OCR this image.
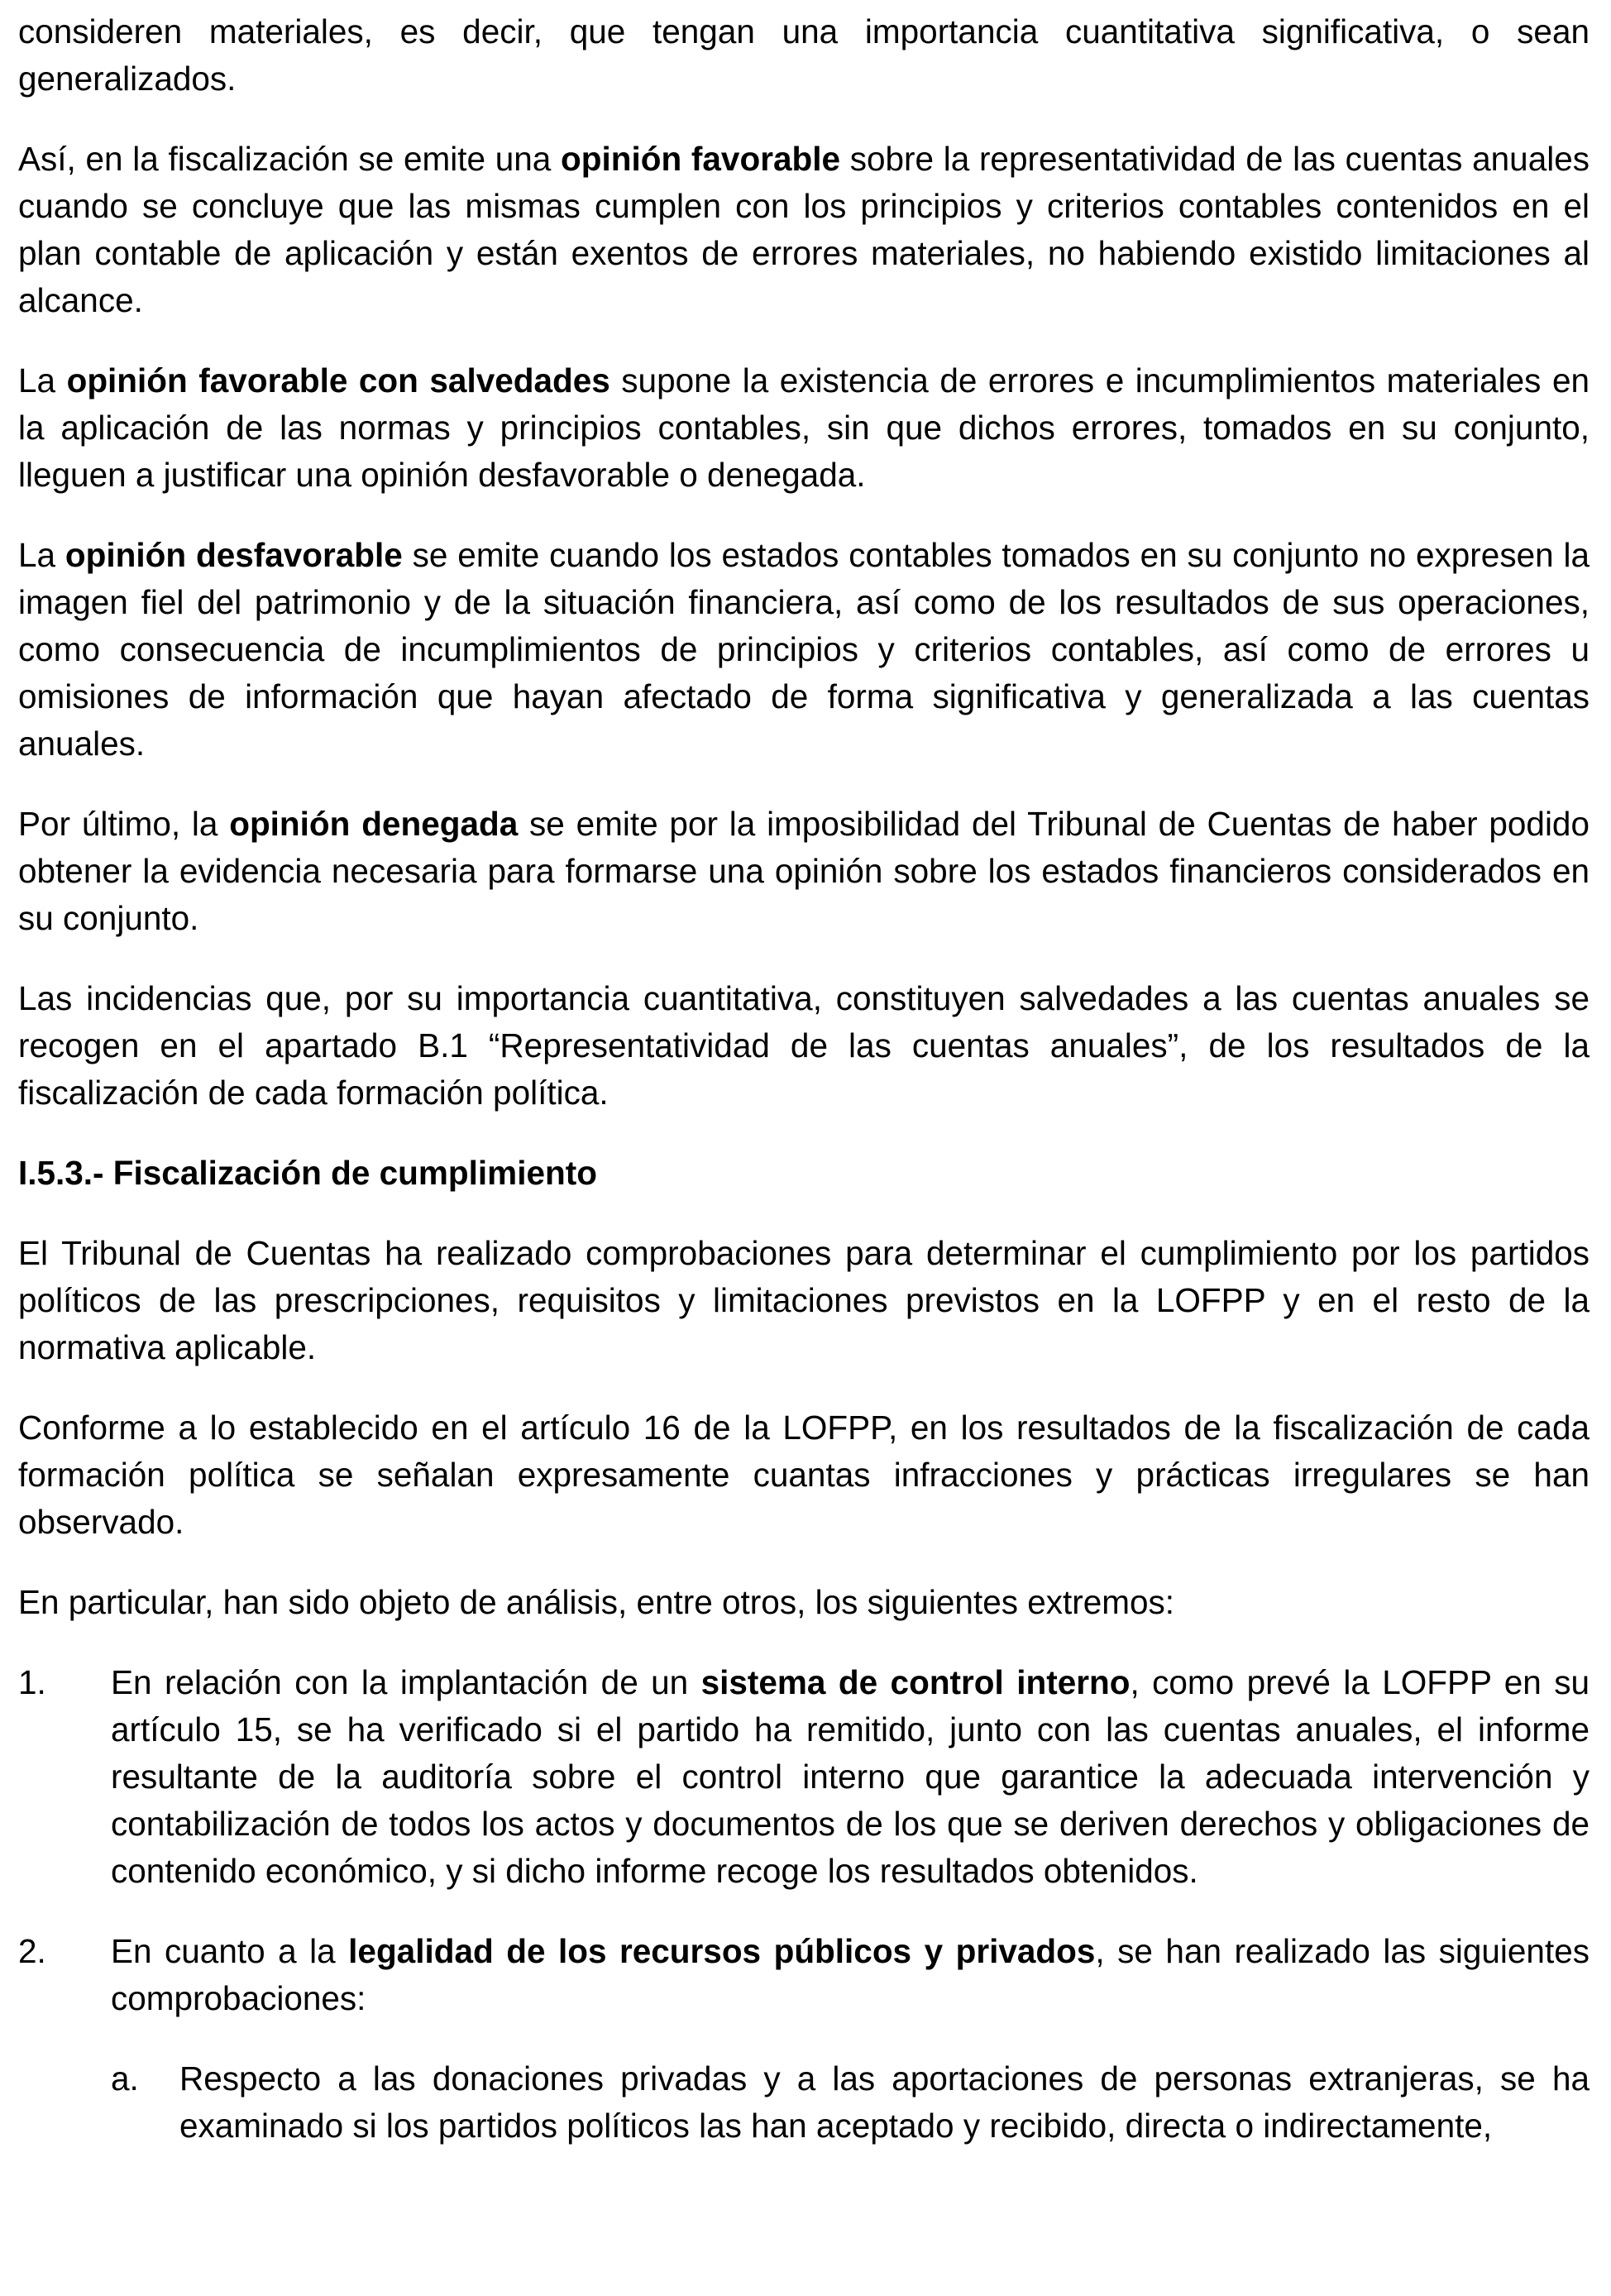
consideren materiales, es decir, que tengan una importancia cuantitativa significativa, o sean generalizados.

Así, en la fiscalización se emite una opinión favorable sobre la representatividad de las cuentas anuales cuando se concluye que las mismas cumplen con los principios y criterios contables contenidos en el plan contable de aplicación y están exentos de errores materiales, no habiendo existido limitaciones al alcance.

La opinión favorable con salvedades supone la existencia de errores e incumplimientos materiales en la aplicación de las normas y principios contables, sin que dichos errores, tomados en su conjunto, lleguen a justificar una opinión desfavorable o denegada.

La opinión desfavorable se emite cuando los estados contables tomados en su conjunto no expresen la imagen fiel del patrimonio y de la situación financiera, así como de los resultados de sus operaciones, como consecuencia de incumplimientos de principios y criterios contables, así como de errores u omisiones de información que hayan afectado de forma significativa y generalizada a las cuentas anuales.

Por último, la opinión denegada se emite por la imposibilidad del Tribunal de Cuentas de haber podido obtener la evidencia necesaria para formarse una opinión sobre los estados financieros considerados en su conjunto.

Las incidencias que, por su importancia cuantitativa, constituyen salvedades a las cuentas anuales se recogen en el apartado B.1 “Representatividad de las cuentas anuales”, de los resultados de la fiscalización de cada formación política.

I.5.3.- Fiscalización de cumplimiento

El Tribunal de Cuentas ha realizado comprobaciones para determinar el cumplimiento por los partidos políticos de las prescripciones, requisitos y limitaciones previstos en la LOFPP y en el resto de la normativa aplicable.

Conforme a lo establecido en el artículo 16 de la LOFPP, en los resultados de la fiscalización de cada formación política se señalan expresamente cuantas infracciones y prácticas irregulares se han observado.

En particular, han sido objeto de análisis, entre otros, los siguientes extremos:

1. En relación con la implantación de un sistema de control interno, como prevé la LOFPP en su artículo 15, se ha verificado si el partido ha remitido, junto con las cuentas anuales, el informe resultante de la auditoría sobre el control interno que garantice la adecuada intervención y contabilización de todos los actos y documentos de los que se deriven derechos y obligaciones de contenido económico, y si dicho informe recoge los resultados obtenidos.
2. En cuanto a la legalidad de los recursos públicos y privados, se han realizado las siguientes comprobaciones:
a. Respecto a las donaciones privadas y a las aportaciones de personas extranjeras, se ha examinado si los partidos políticos las han aceptado y recibido, directa o indirectamente,
